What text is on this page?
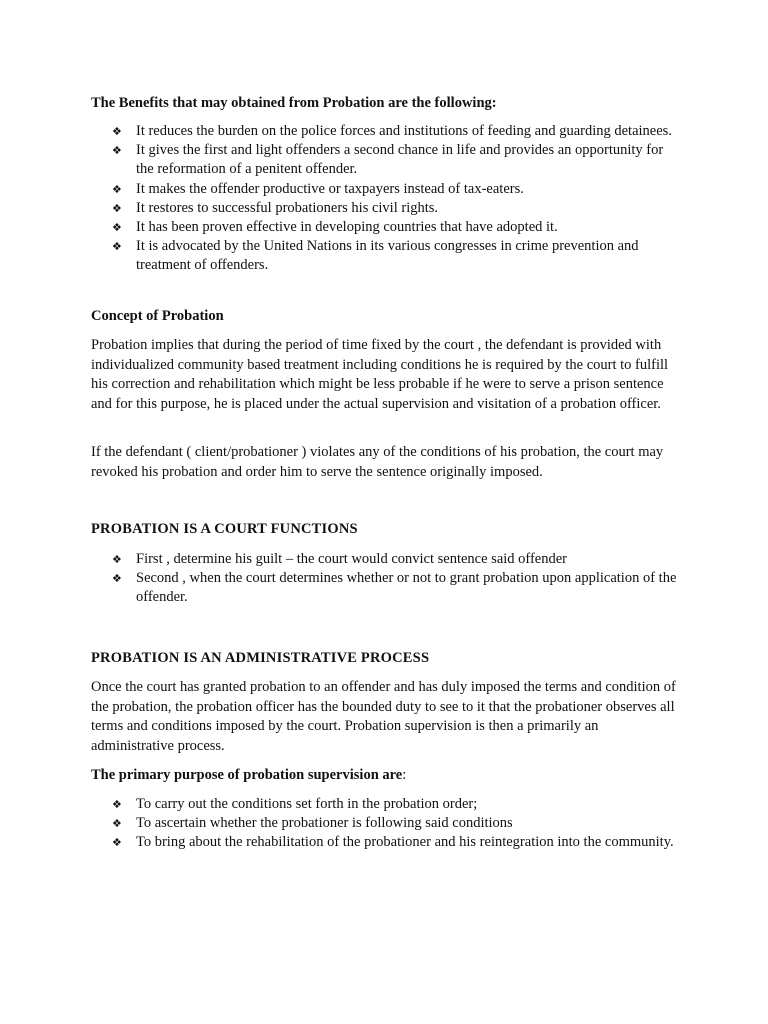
The Benefits that may obtained from Probation are the following:

❖ It reduces the burden on the police forces and institutions of feeding and guarding detainees.
❖ It gives the first and light offenders a second chance in life and provides an opportunity for the reformation of a penitent offender.
❖ It makes the offender productive or taxpayers instead of tax-eaters.
❖ It restores to successful probationers his civil rights.
❖ It has been proven effective in developing countries that have adopted it.
❖ It is advocated by the United Nations in its various congresses in crime prevention and treatment of offenders.

Concept of Probation

Probation implies that during the period of time fixed by the court , the defendant is provided with individualized community based treatment including conditions he is required by the court to fulfill his correction and rehabilitation which might be less probable if he were to serve a prison sentence and for this purpose, he is placed under the actual supervision and visitation of a probation officer.

If the defendant ( client/probationer ) violates any of the conditions of his probation, the court may revoked his probation and order him to serve the sentence originally imposed.

PROBATION IS A COURT FUNCTIONS

❖ First , determine his guilt – the court would convict sentence said offender
❖ Second , when the court determines whether or not to grant probation upon application of the offender.

PROBATION IS AN ADMINISTRATIVE PROCESS

Once the court has granted probation to an offender and has duly imposed the terms and condition of the probation, the probation officer has the bounded duty to see to it that the probationer observes all terms and conditions imposed by the court. Probation supervision is then a primarily an administrative process.

The primary purpose of probation supervision are:

❖ To carry out the conditions set forth in the probation order;
❖ To ascertain whether the probationer is following said conditions
❖ To bring about the rehabilitation of the probationer and his reintegration into the community.
